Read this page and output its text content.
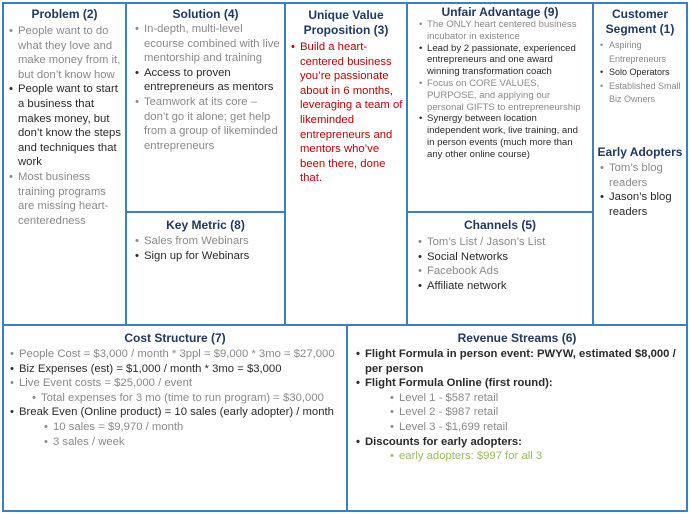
Problem (2)
• People want to do what they love and make money from it, but don’t know how
• People want to start a business that makes money, but don’t know the steps and techniques that work
• Most business training programs are missing heart-centeredness
Solution (4)
• In-depth, multi-level ecourse combined with live mentorship and training
• Access to proven entrepreneurs as mentors
• Teamwork at its core – don’t go it alone; get help from a group of likeminded entrepreneurs
Key Metric (8)
• Sales from Webinars
• Sign up for Webinars
Unique Value Proposition (3)
• Build a heart-centered business you’re passionate about in 6 months, leveraging a team of likeminded entrepreneurs and mentors who’ve been there, done that.
Unfair Advantage (9)
• The ONLY heart centered business incubator in existence
• Lead by 2 passionate, experienced entrepreneurs and one award winning transformation coach
• Focus on CORE VALUES, PURPOSE, and applying our personal GIFTS to entrepreneurship
• Synergy between location independent work, live training, and in person events (much more than any other online course)
Channels (5)
• Tom’s List / Jason’s List
• Social Networks
• Facebook Ads
• Affiliate network
Customer Segment (1)
• Aspiring Entrepreneurs
• Solo Operators
• Established Small Biz Owners
Early Adopters
• Tom’s blog readers
• Jason’s blog readers
Cost Structure (7)
• People Cost = $3,000 / month * 3ppl = $9,000 * 3mo = $27,000
• Biz Expenses (est) = $1,000 / month * 3mo = $3,000
• Live Event costs = $25,000 / event
• Total expenses for 3 mo (time to run program) = $30,000
• Break Even (Online product) = 10 sales (early adopter) / month
• 10 sales = $9,970 / month
• 3 sales / week
Revenue Streams (6)
• Flight Formula in person event: PWYW, estimated $8,000 / per person
• Flight Formula Online (first round):
• Level 1 - $587 retail
• Level 2 - $987 retail
• Level 3 - $1,699 retail
• Discounts for early adopters:
• early adopters: $997 for all 3
